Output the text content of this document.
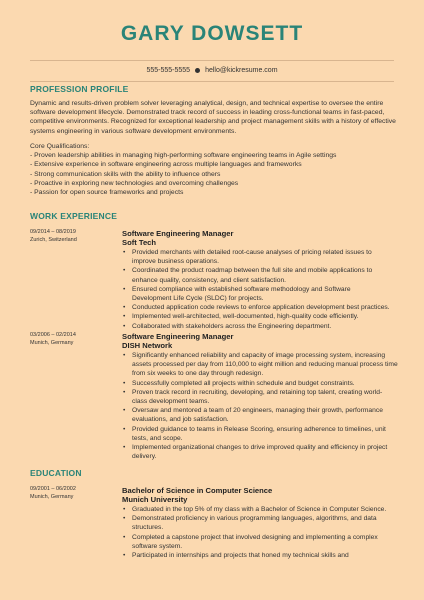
GARY DOWSETT
555-555-5555 hello@kickresume.com
PROFESSION PROFILE
Dynamic and results-driven problem solver leveraging analytical, design, and technical expertise to oversee the entire
software development lifecycle. Demonstrated track record of success in leading cross-functional teams in fast-paced,
competitive environments. Recognized for exceptional leadership and project management skills with a history of effective
systems engineering in various software development environments.
Core Qualifications:
- Proven leadership abilities in managing high-performing software engineering teams in Agile settings
- Extensive experience in software engineering across multiple languages and frameworks
- Strong communication skills with the ability to influence others
- Proactive in exploring new technologies and overcoming challenges
- Passion for open source frameworks and projects
WORK EXPERIENCE
09/2014 – 08/2019
Zurich, Switzerland
Software Engineering Manager
Soft Tech
• Provided merchants with detailed root-cause analyses of pricing related issues to
improve business operations.
• Coordinated the product roadmap between the full site and mobile applications to
enhance quality, consistency, and client satisfaction.
• Ensured compliance with established software methodology and Software
Development Life Cycle (SLDC) for projects.
• Conducted application code reviews to enforce application development best practices.
• Implemented well-architected, well-documented, high-quality code efficiently.
• Collaborated with stakeholders across the Engineering department.
03/2006 – 02/2014
Munich, Germany
Software Engineering Manager
DISH Network
• Significantly enhanced reliability and capacity of image processing system, increasing
assets processed per day from 110,000 to eight million and reducing manual process time
from six weeks to one day through redesign.
• Successfully completed all projects within schedule and budget constraints.
• Proven track record in recruiting, developing, and retaining top talent, creating world-
class development teams.
• Oversaw and mentored a team of 20 engineers, managing their growth, performance
evaluations, and job satisfaction.
• Provided guidance to teams in Release Scoring, ensuring adherence to timelines, unit
tests, and scope.
• Implemented organizational changes to drive improved quality and efficiency in project
delivery.
EDUCATION
09/2001 – 06/2002
Munich, Germany
Bachelor of Science in Computer Science
Munich University
• Graduated in the top 5% of my class with a Bachelor of Science in Computer Science.
• Demonstrated proficiency in various programming languages, algorithms, and data
structures.
• Completed a capstone project that involved designing and implementing a complex
software system.
• Participated in internships and projects that honed my technical skills and
